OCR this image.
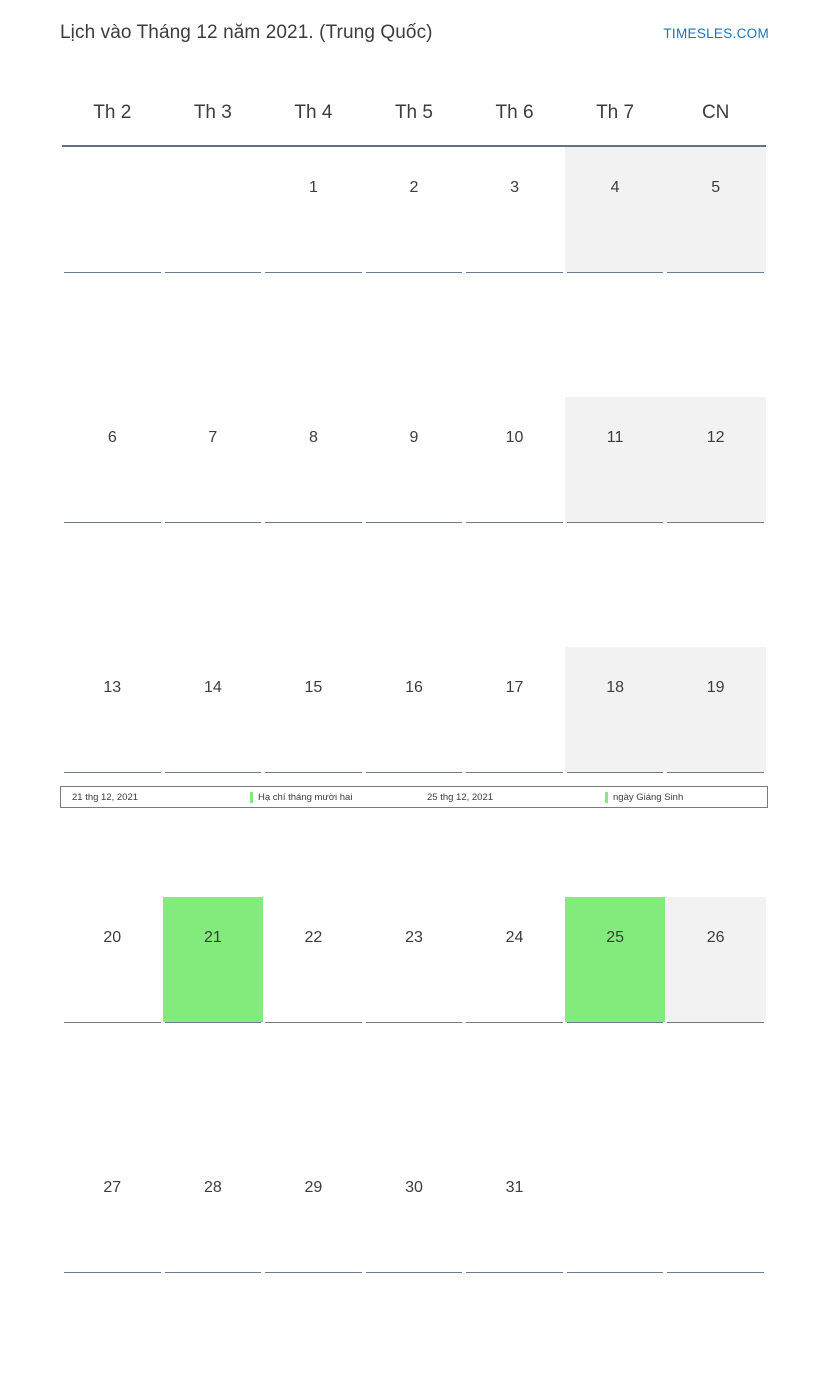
Lịch vào Tháng 12 năm 2021. (Trung Quốc)	TIMESLES.COM
Th 2	Th 3	Th 4	Th 5	Th 6	Th 7	CN

		1	2	3	4	5

6	7	8	9	10	11	12

13	14	15	16	17	18	19

20	21	22	23	24	25	26

27	28	29	30	31		

21 thg 12, 2021	Hạ chí tháng mười hai	25 thg 12, 2021	ngày Giáng Sinh
